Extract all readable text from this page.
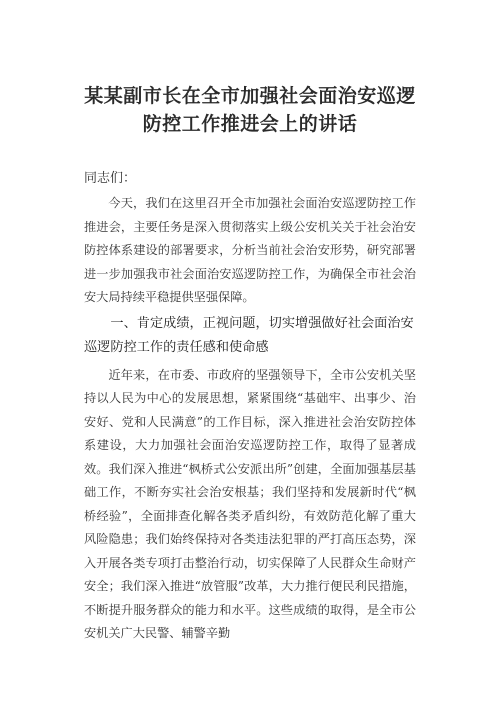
某某副市长在全市加强社会面治安巡逻
防控工作推进会上的讲话
同志们：

今天，我们在这里召开全市加强社会面治安巡逻防控工作推进会，主要任务是深入贯彻落实上级公安机关关于社会治安防控体系建设的部署要求，分析当前社会治安形势，研究部署进一步加强我市社会面治安巡逻防控工作，为确保全市社会治安大局持续平稳提供坚强保障。

一、肯定成绩，正视问题，切实增强做好社会面治安巡逻防控工作的责任感和使命感

近年来，在市委、市政府的坚强领导下，全市公安机关坚持以人民为中心的发展思想，紧紧围绕“基础牢、出事少、治安好、党和人民满意”的工作目标，深入推进社会治安防控体系建设，大力加强社会面治安巡逻防控工作，取得了显著成效。我们深入推进“枫桥式公安派出所”创建，全面加强基层基础工作，不断夯实社会治安根基；我们坚持和发展新时代“枫桥经验”，全面排查化解各类矛盾纠纷，有效防范化解了重大风险隐患；我们始终保持对各类违法犯罪的严打高压态势，深入开展各类专项打击整治行动，切实保障了人民群众生命财产安全；我们深入推进“放管服”改革，大力推行便民利民措施，不断提升服务群众的能力和水平。这些成绩的取得，是全市公安机关广大民警、辅警辛勤
